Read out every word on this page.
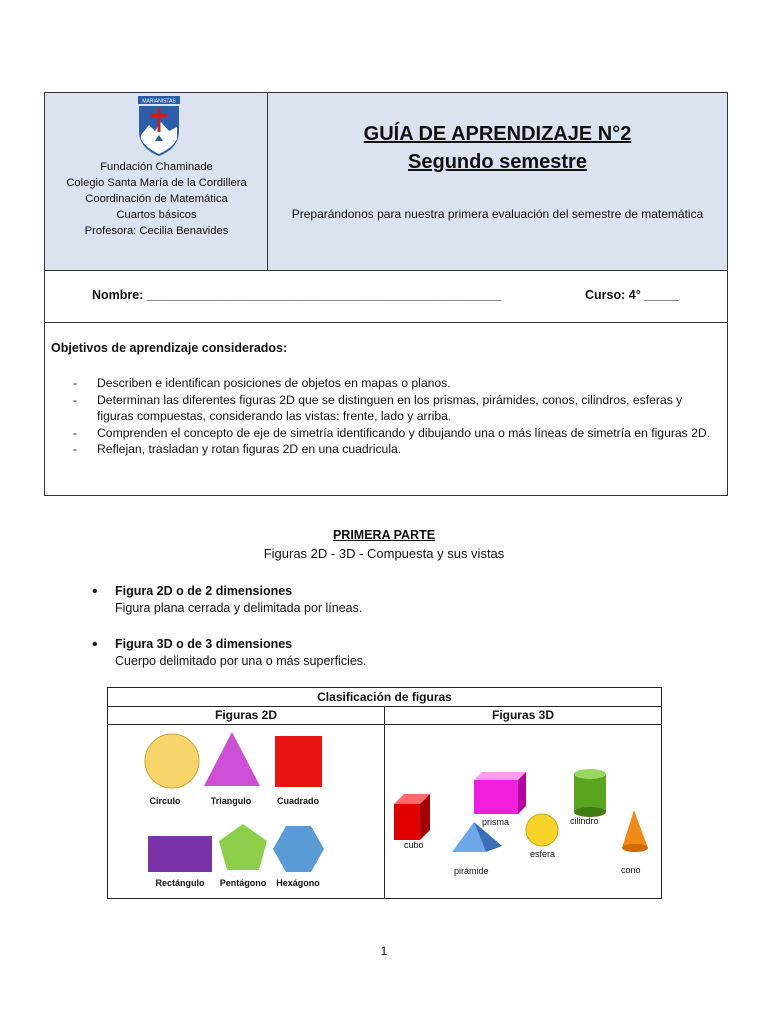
MARIANISTAS
Fundación Chaminade
Colegio Santa María de la Cordillera
Coordinación de Matemática
Cuartos básicos
Profesora: Cecilia Benavides
GUÍA DE APRENDIZAJE N°2
Segundo semestre
Preparándonos para nuestra primera evaluación del semestre de matemática
Nombre: ___________________________________________________	Curso: 4° _____
Objetivos de aprendizaje considerados:
- Describen e identifican posiciones de objetos en mapas o planos.
- Determinan las diferentes figuras 2D que se distinguen en los prismas, pirámides, conos, cilindros, esferas y figuras compuestas, considerando las vistas: frente, lado y arriba.
- Comprenden el concepto de eje de simetría identificando y dibujando una o más líneas de simetría en figuras 2D.
- Reflejan, trasladan y rotan figuras 2D en una cuadricula.
PRIMERA PARTE
Figuras 2D - 3D - Compuesta y sus vistas
• Figura 2D o de 2 dimensiones
Figura plana cerrada y delimitada por líneas.
• Figura 3D o de 3 dimensiones
Cuerpo delimitado por una o más superficies.
Clasificación de figuras
Figuras 2D	Figuras 3D
Circulo	Triangulo	Cuadrado
Rectángulo	Pentágono	Hexágono
prisma	cilindro
cubo
esfera
pirámide	cono
1
